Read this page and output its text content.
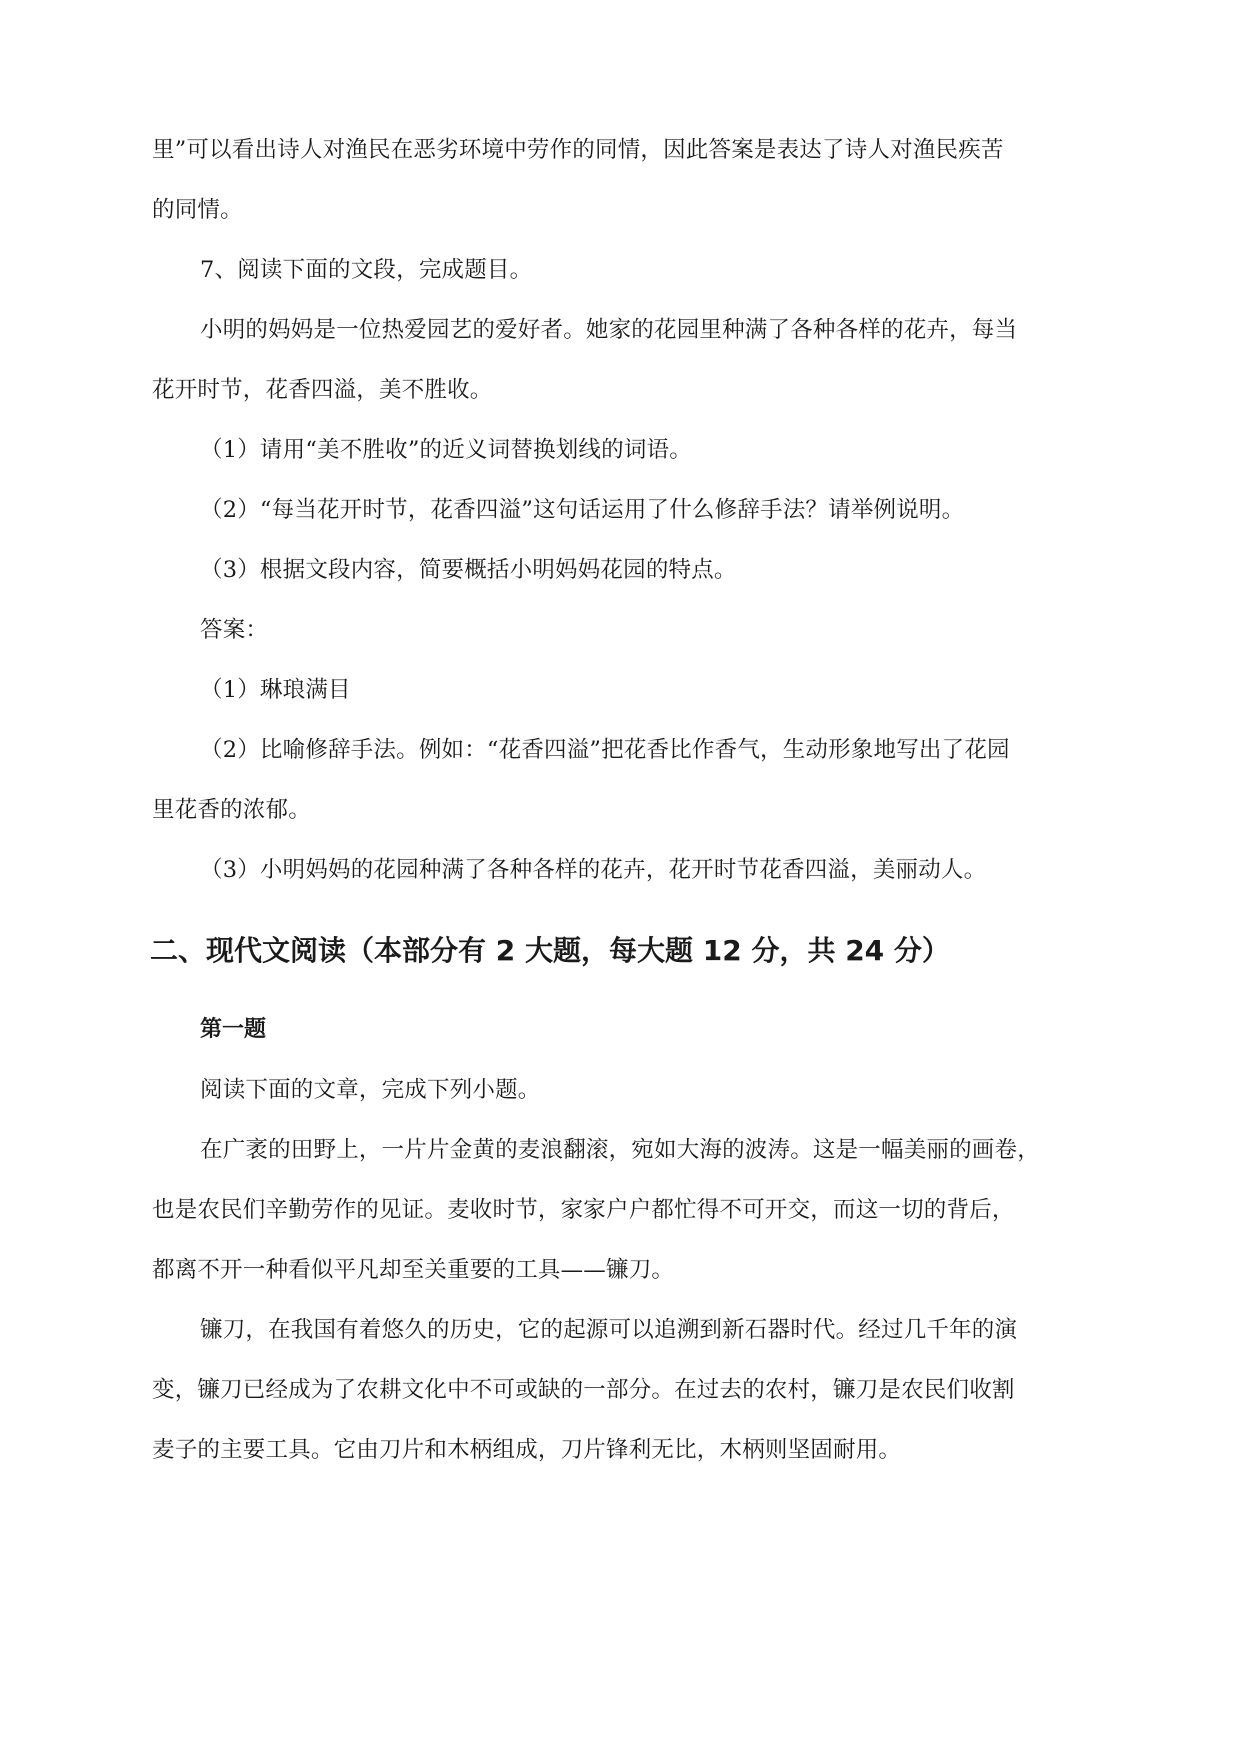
里”可以看出诗人对渔民在恶劣环境中劳作的同情，因此答案是表达了诗人对渔民疾苦
的同情。
7、阅读下面的文段，完成题目。
小明的妈妈是一位热爱园艺的爱好者。她家的花园里种满了各种各样的花卉，每当
花开时节，花香四溢，美不胜收。
（1）请用“美不胜收”的近义词替换划线的词语。
（2）“每当花开时节，花香四溢”这句话运用了什么修辞手法？请举例说明。
（3）根据文段内容，简要概括小明妈妈花园的特点。
答案：
（1）琳琅满目
（2）比喻修辞手法。例如：“花香四溢”把花香比作香气，生动形象地写出了花园
里花香的浓郁。
（3）小明妈妈的花园种满了各种各样的花卉，花开时节花香四溢，美丽动人。
二、现代文阅读（本部分有 2 大题，每大题 12 分，共 24 分）
第一题
阅读下面的文章，完成下列小题。
在广袤的田野上，一片片金黄的麦浪翻滚，宛如大海的波涛。这是一幅美丽的画卷，
也是农民们辛勤劳作的见证。麦收时节，家家户户都忙得不可开交，而这一切的背后，
都离不开一种看似平凡却至关重要的工具——镰刀。
镰刀，在我国有着悠久的历史，它的起源可以追溯到新石器时代。经过几千年的演
变，镰刀已经成为了农耕文化中不可或缺的一部分。在过去的农村，镰刀是农民们收割
麦子的主要工具。它由刀片和木柄组成，刀片锋利无比，木柄则坚固耐用。
